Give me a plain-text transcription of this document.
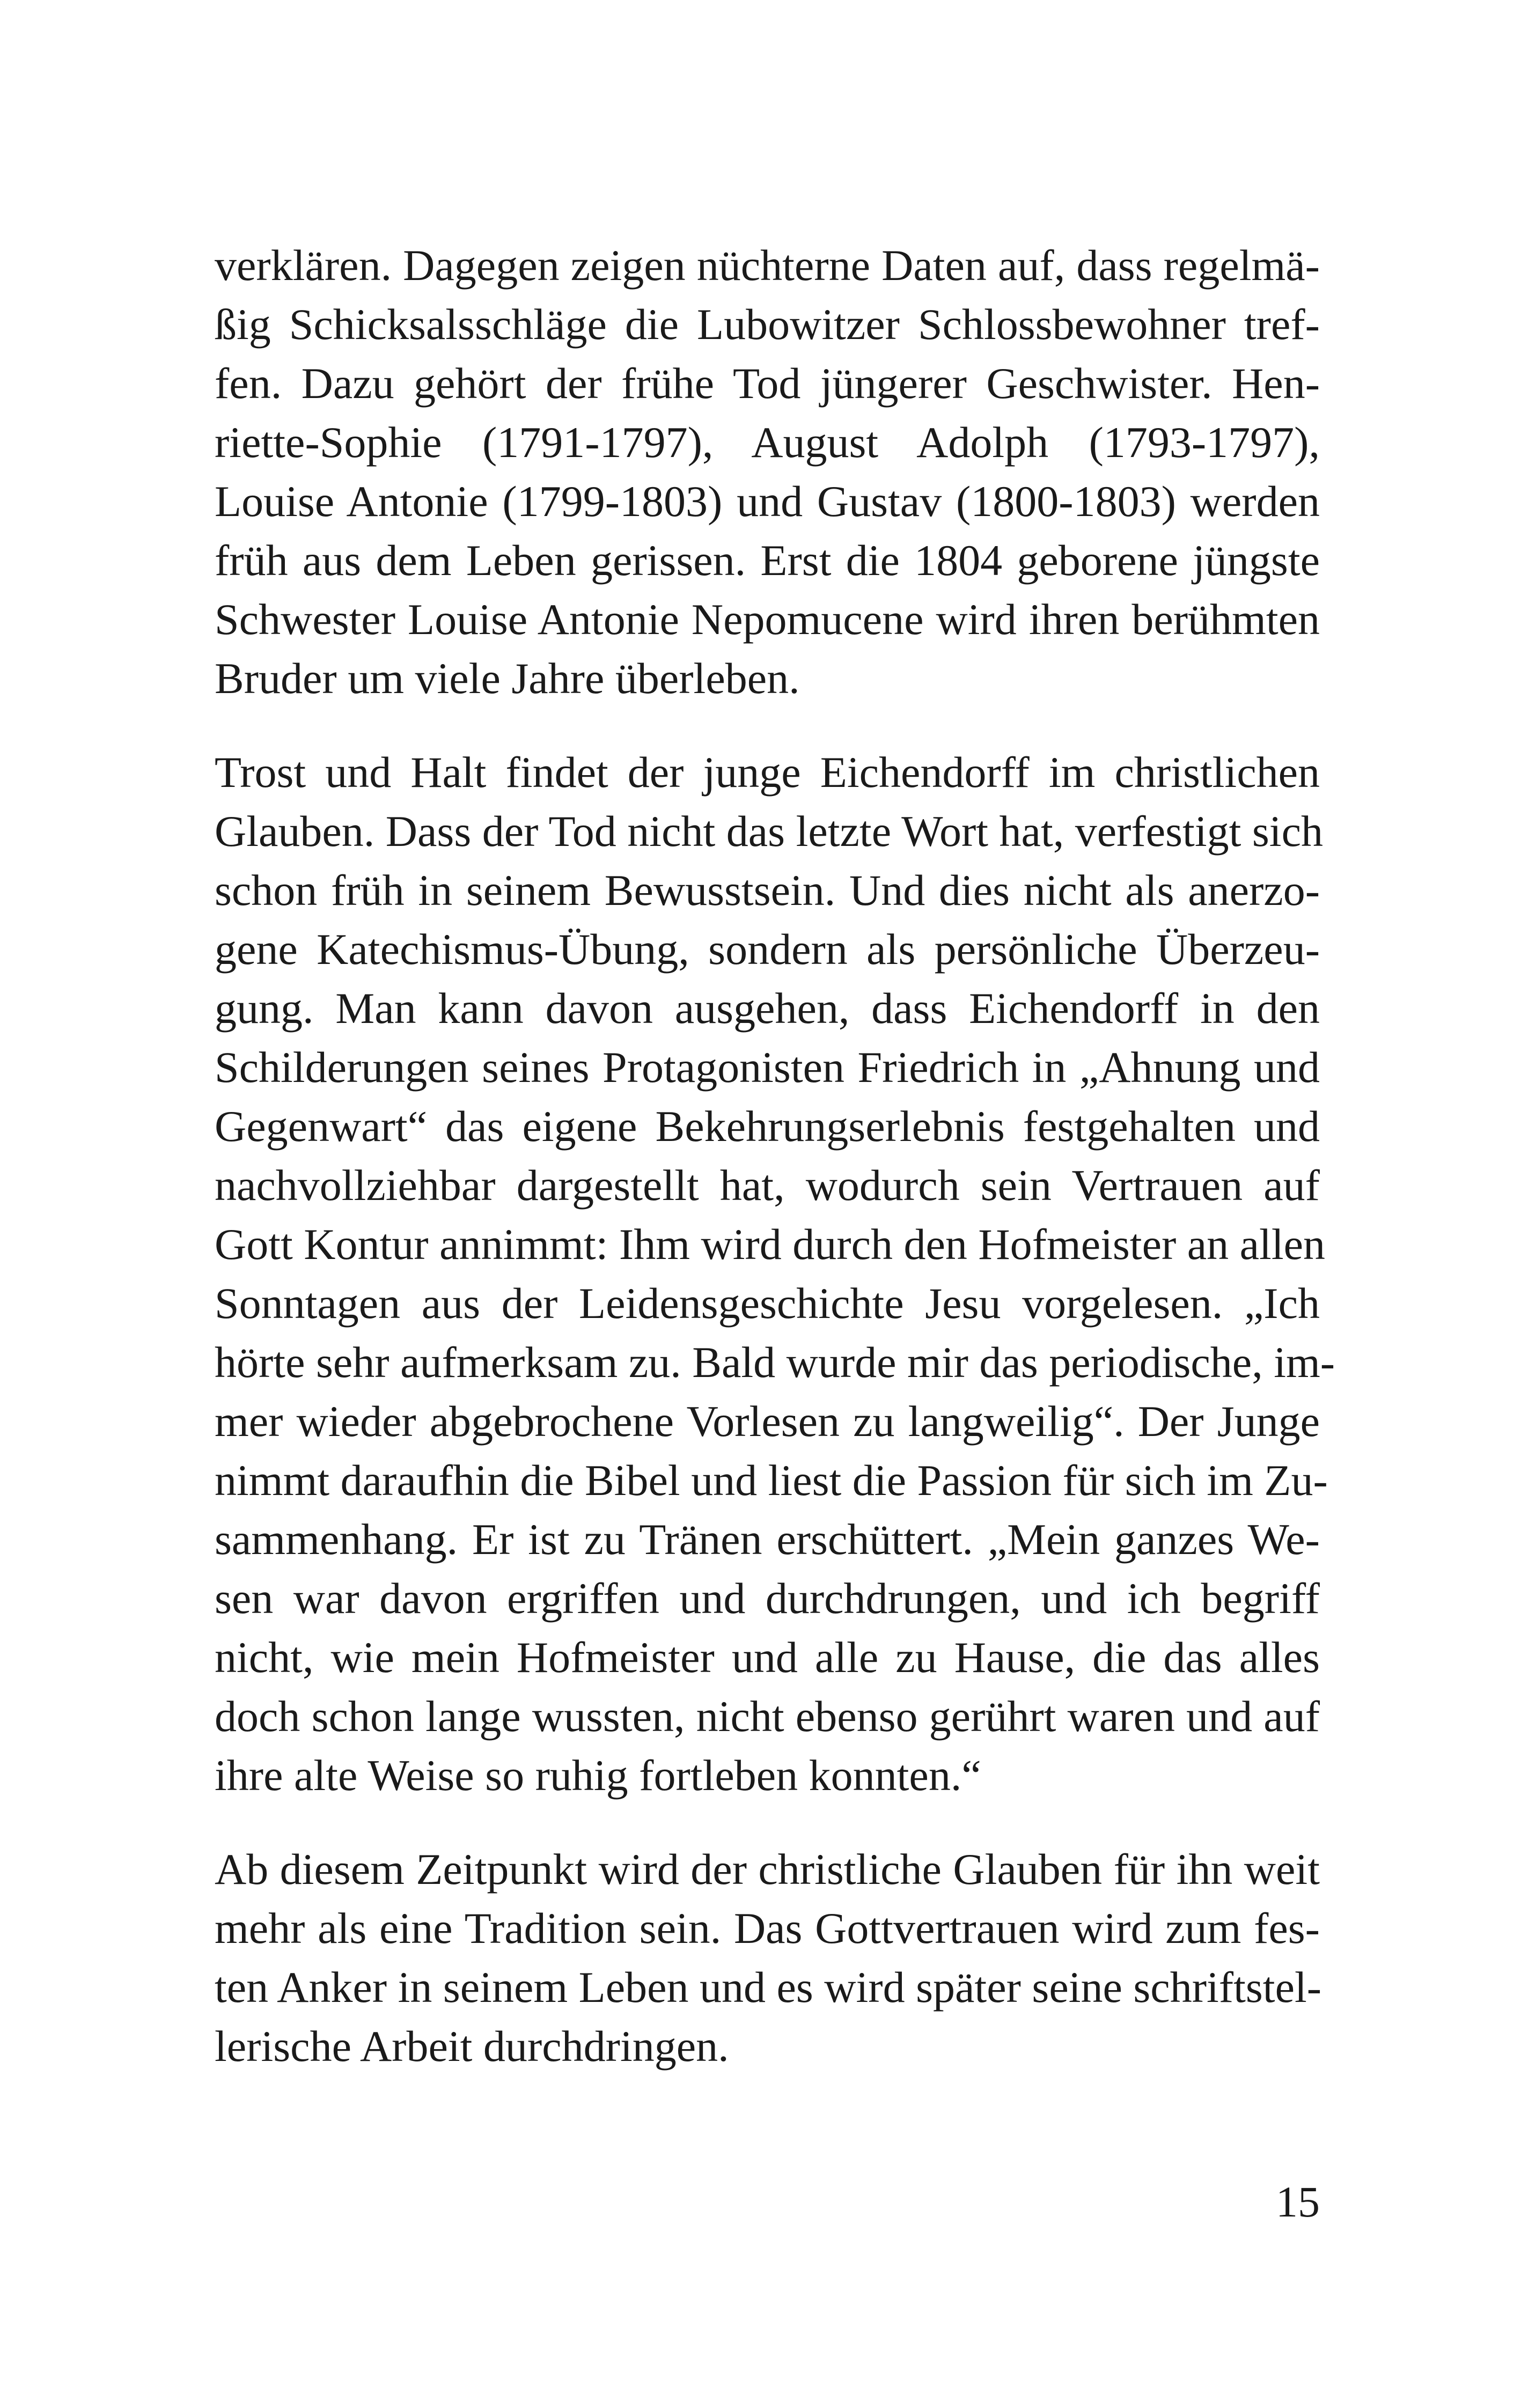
verklären. Dagegen zeigen nüchterne Daten auf, dass regelmä-
ßig Schicksalsschläge die Lubowitzer Schlossbewohner tref-
fen. Dazu gehört der frühe Tod jüngerer Geschwister. Hen-
riette-Sophie (1791-1797), August Adolph (1793-1797),
Louise Antonie (1799-1803) und Gustav (1800-1803) werden
früh aus dem Leben gerissen. Erst die 1804 geborene jüngste
Schwester Louise Antonie Nepomucene wird ihren berühmten
Bruder um viele Jahre überleben.
Trost und Halt findet der junge Eichendorff im christlichen
Glauben. Dass der Tod nicht das letzte Wort hat, verfestigt sich
schon früh in seinem Bewusstsein. Und dies nicht als anerzo-
gene Katechismus-Übung, sondern als persönliche Überzeu-
gung. Man kann davon ausgehen, dass Eichendorff in den
Schilderungen seines Protagonisten Friedrich in „Ahnung und
Gegenwart“ das eigene Bekehrungserlebnis festgehalten und
nachvollziehbar dargestellt hat, wodurch sein Vertrauen auf
Gott Kontur annimmt: Ihm wird durch den Hofmeister an allen
Sonntagen aus der Leidensgeschichte Jesu vorgelesen. „Ich
hörte sehr aufmerksam zu. Bald wurde mir das periodische, im-
mer wieder abgebrochene Vorlesen zu langweilig“. Der Junge
nimmt daraufhin die Bibel und liest die Passion für sich im Zu-
sammenhang. Er ist zu Tränen erschüttert. „Mein ganzes We-
sen war davon ergriffen und durchdrungen, und ich begriff
nicht, wie mein Hofmeister und alle zu Hause, die das alles
doch schon lange wussten, nicht ebenso gerührt waren und auf
ihre alte Weise so ruhig fortleben konnten.“
Ab diesem Zeitpunkt wird der christliche Glauben für ihn weit
mehr als eine Tradition sein. Das Gottvertrauen wird zum fes-
ten Anker in seinem Leben und es wird später seine schriftstel-
lerische Arbeit durchdringen.
15
